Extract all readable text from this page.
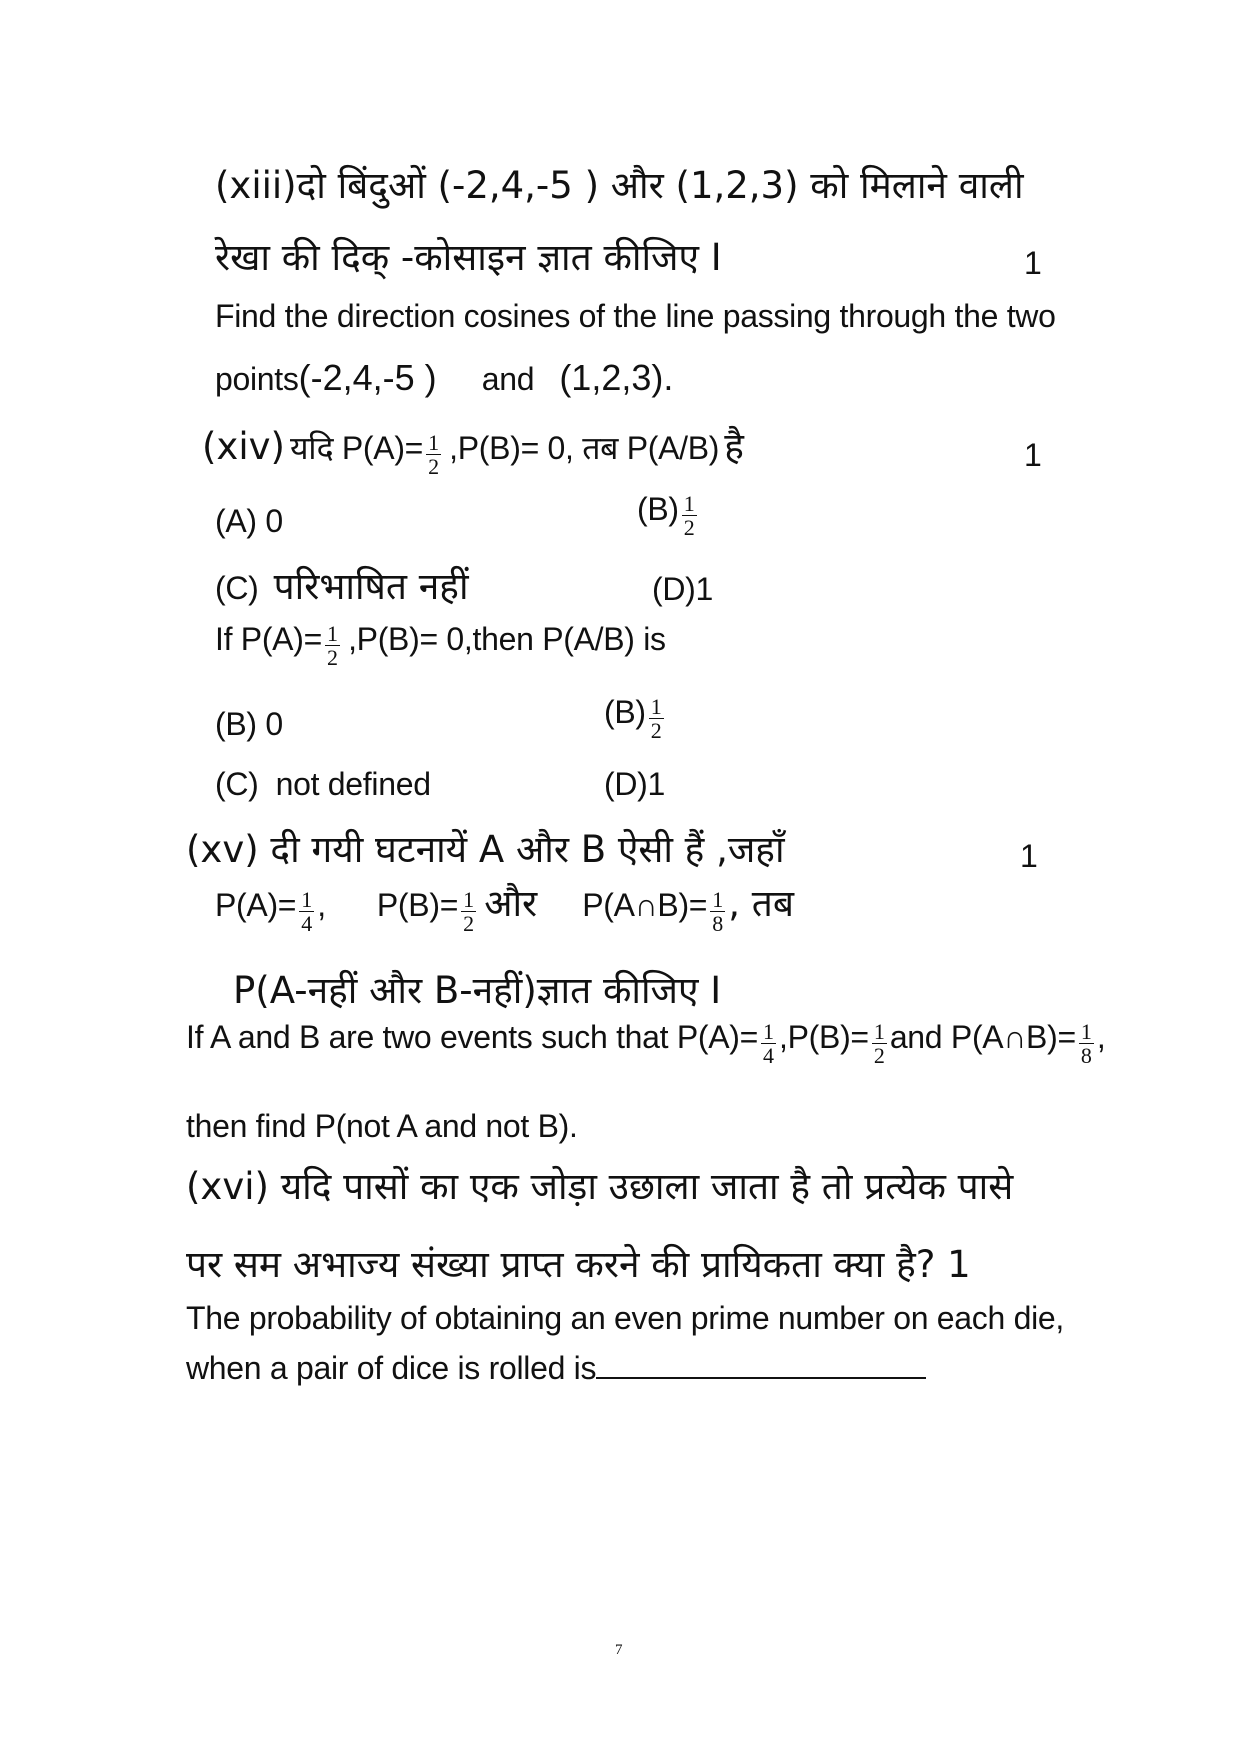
(xiii)दो बिंदुओं (-2,4,-5 ) और (1,2,3) को मिलाने वाली
रेखा की दिक् -कोसाइन ज्ञात कीजिए I	1
Find the direction cosines of the line passing through the two
points(-2,4,-5 ) and (1,2,3).
(xiv) यदि $P(A)= \frac{1}{2} ,P(B)= 0$, तब P(A/B) है	1
(A) 0	$(B) \frac{1}{2}$
(C) परिभाषित नहीं	(D)1
If $P(A)= \frac{1}{2} ,P(B)=$ 0,then P(A/B) is
(B) 0	$(B) \frac{1}{2}$
(C) not defined	(D)1
(xv) दी गयी घटनायें A और B ऐसी हैं ,जहाँ	1
$P(A)= \frac{1}{4}$ , $P(B)= \frac{1}{2}$ और P(A∩B)= $\frac{1}{8}$ , तब
P(A-नहीं और B-नहीं)ज्ञात कीजिए I
If A and B are two events such that $P(A)= \frac{1}{4} ,P(B)= \frac{1}{2}$ and P(A∩B)= $\frac{1}{8}$ ,
then find P(not A and not B).
(xvi) यदि पासों का एक जोड़ा उछाला जाता है तो प्रत्येक पासे
पर सम अभाज्य संख्या प्राप्त करने की प्रायिकता क्या है? 1
The probability of obtaining an even prime number on each die,
when a pair of dice is rolled is
7
